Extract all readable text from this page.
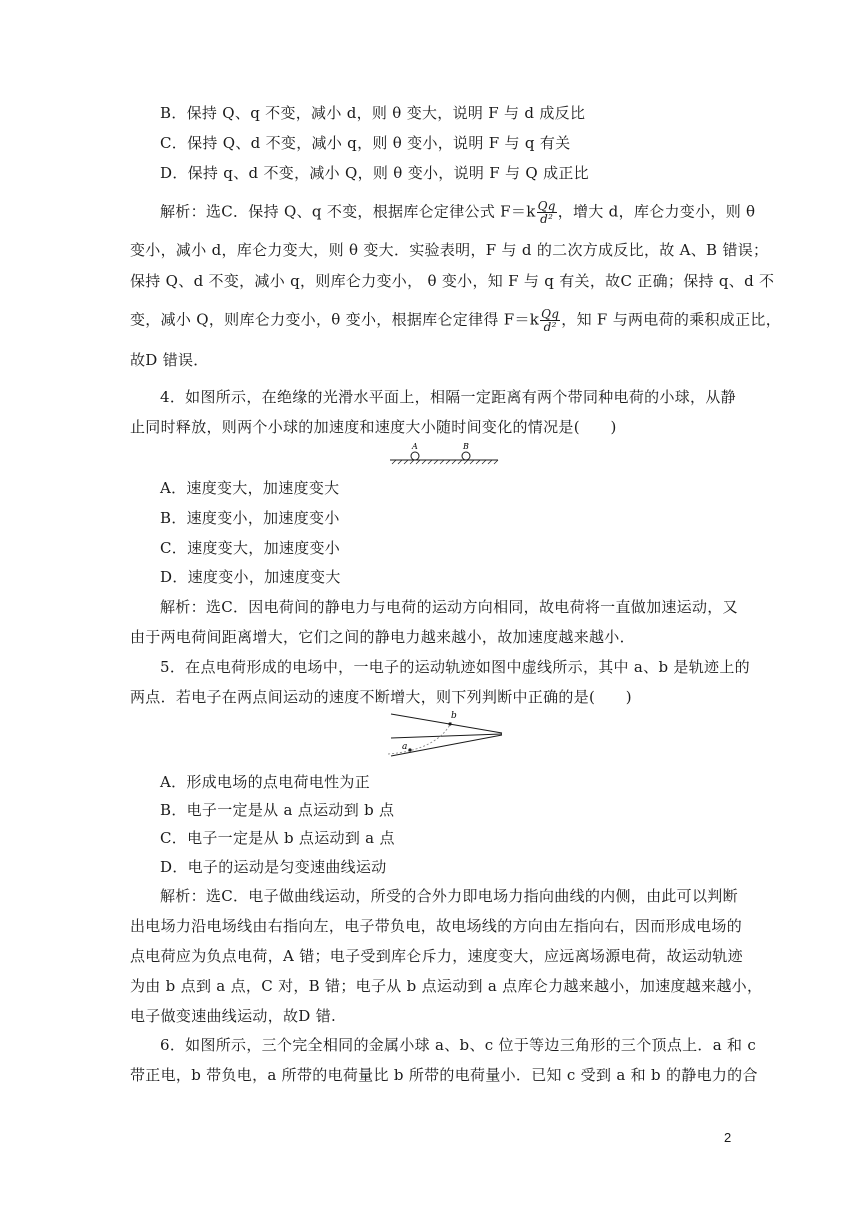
B．保持 Q、q 不变，减小 d，则 θ 变大，说明 F 与 d 成反比
C．保持 Q、d 不变，减小 q，则 θ 变小，说明 F 与 q 有关
D．保持 q、d 不变，减小 Q，则 θ 变小，说明 F 与 Q 成正比
解析：选C．保持 Q、q 不变，根据库仑定律公式 $F=k \frac{Qq}{\text{d²}}$ ，增大 d，库仑力变小，则 θ
变小，减小 d，库仑力变大，则 θ 变大．实验表明，F 与 d 的二次方成反比，故 A、B 错误；
保持 Q、d 不变，减小 q，则库仑力变小， θ 变小，知 F 与 q 有关，故C 正确；保持 q、d 不
变，减小 Q，则库仑力变小，θ 变小，根据库仑定律得 $F=k \frac{Qq}{\text{d²}}$ ，知 F 与两电荷的乘积成正比，
故D 错误．
4．如图所示，在绝缘的光滑水平面上，相隔一定距离有两个带同种电荷的小球，从静
止同时释放，则两个小球的加速度和速度大小随时间变化的情况是(　　)
A	B
A．速度变大，加速度变大
B．速度变小，加速度变小
C．速度变大，加速度变小
D．速度变小，加速度变大
解析：选C．因电荷间的静电力与电荷的运动方向相同，故电荷将一直做加速运动，又
由于两电荷间距离增大，它们之间的静电力越来越小，故加速度越来越小．
5．在点电荷形成的电场中，一电子的运动轨迹如图中虚线所示，其中 a、b 是轨迹上的
两点．若电子在两点间运动的速度不断增大，则下列判断中正确的是(　　)
b
a
A．形成电场的点电荷电性为正
B．电子一定是从 a 点运动到 b 点
C．电子一定是从 b 点运动到 a 点
D．电子的运动是匀变速曲线运动
解析：选C．电子做曲线运动，所受的合外力即电场力指向曲线的内侧，由此可以判断
出电场力沿电场线由右指向左，电子带负电，故电场线的方向由左指向右，因而形成电场的
点电荷应为负点电荷，A 错；电子受到库仑斥力，速度变大，应远离场源电荷，故运动轨迹
为由 b 点到 a 点，C 对，B 错；电子从 b 点运动到 a 点库仑力越来越小，加速度越来越小，
电子做变速曲线运动，故D 错.
6．如图所示，三个完全相同的金属小球 a、b、c 位于等边三角形的三个顶点上．a 和 c
带正电，b 带负电，a 所带的电荷量比 b 所带的电荷量小．已知 c 受到 a 和 b 的静电力的合
2
